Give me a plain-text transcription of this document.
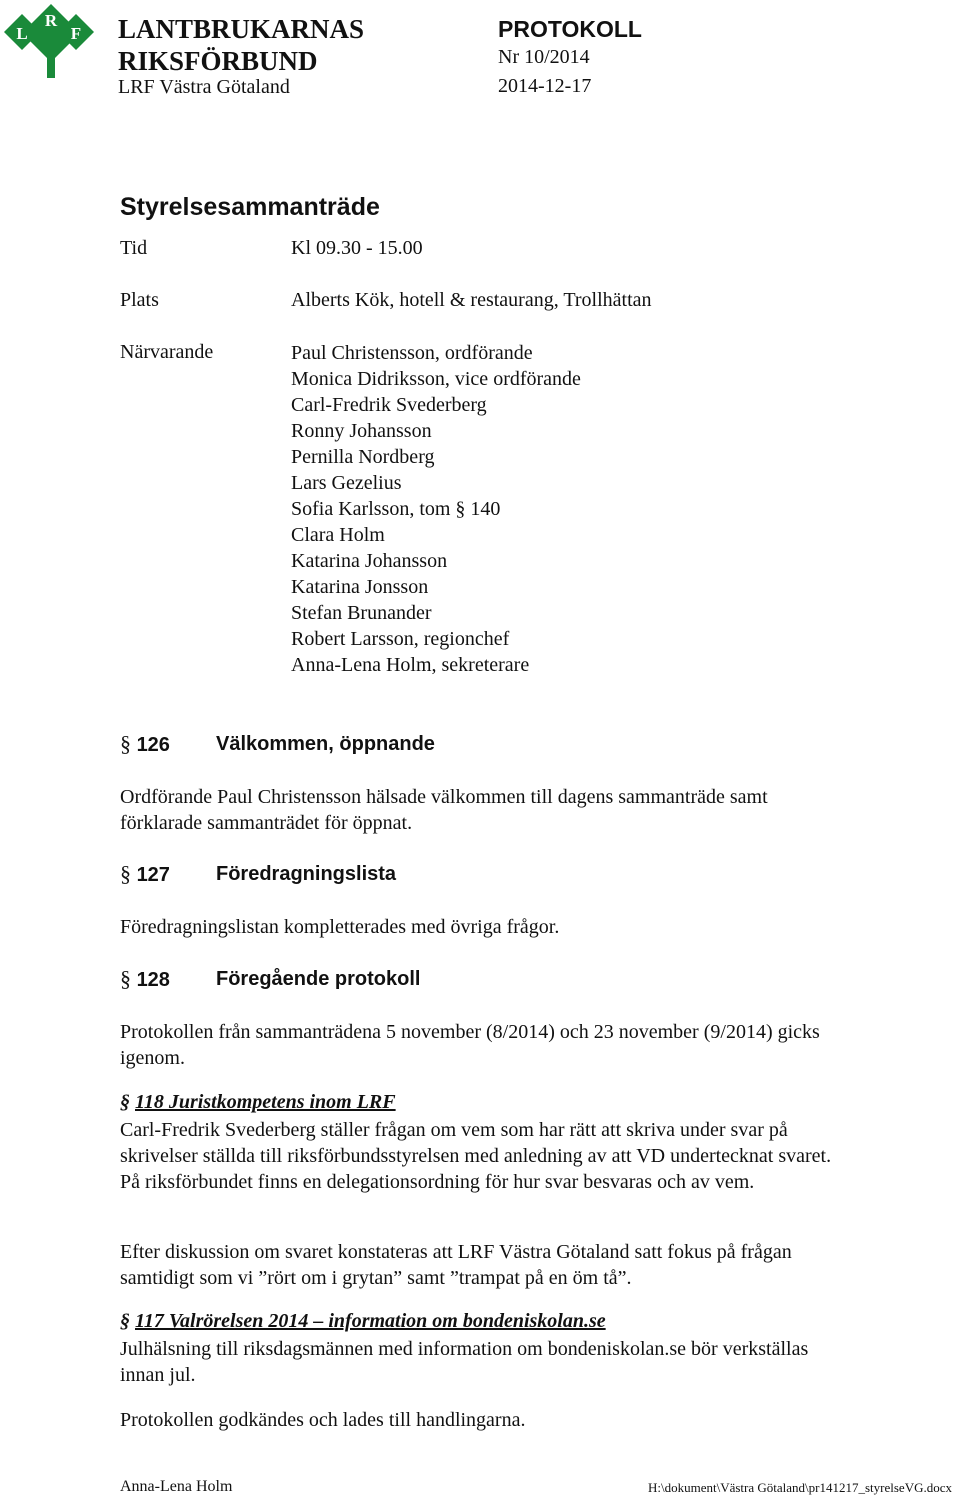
R
L	F LANTBRUKARNAS
RIKSFÖRBUND
LRF Västra Götaland
PROTOKOLL
Nr 10/2014
2014-12-17
Styrelsesammanträde
Tid	Kl 09.30 - 15.00
Plats	Alberts Kök, hotell & restaurang, Trollhättan
Närvarande	Paul Christensson, ordförande
Monica Didriksson, vice ordförande
Carl-Fredrik Svederberg
Ronny Johansson
Pernilla Nordberg
Lars Gezelius
Sofia Karlsson, tom § 140
Clara Holm
Katarina Johansson
Katarina Jonsson
Stefan Brunander
Robert Larsson, regionchef
Anna-Lena Holm, sekreterare
§ 126 Välkommen, öppnande
Ordförande Paul Christensson hälsade välkommen till dagens sammanträde samt förklarade sammanträdet för öppnat.
§ 127 Föredragningslista
Föredragningslistan kompletterades med övriga frågor.
§ 128 Föregående protokoll
Protokollen från sammanträdena 5 november (8/2014) och 23 november (9/2014) gicks igenom.
§ 118 Juristkompetens inom LRF
Carl-Fredrik Svederberg ställer frågan om vem som har rätt att skriva under svar på skrivelser ställda till riksförbundsstyrelsen med anledning av att VD undertecknat svaret. På riksförbundet finns en delegationsordning för hur svar besvaras och av vem.
Efter diskussion om svaret konstateras att LRF Västra Götaland satt fokus på frågan samtidigt som vi ”rört om i grytan” samt ”trampat på en öm tå”.
§ 117 Valrörelsen 2014 – information om bondeniskolan.se
Julhälsning till riksdagsmännen med information om bondeniskolan.se bör verkställas innan jul.
Protokollen godkändes och lades till handlingarna.
Anna-Lena Holm	H:\dokument\Västra Götaland\pr141217_styrelseVG.docx
